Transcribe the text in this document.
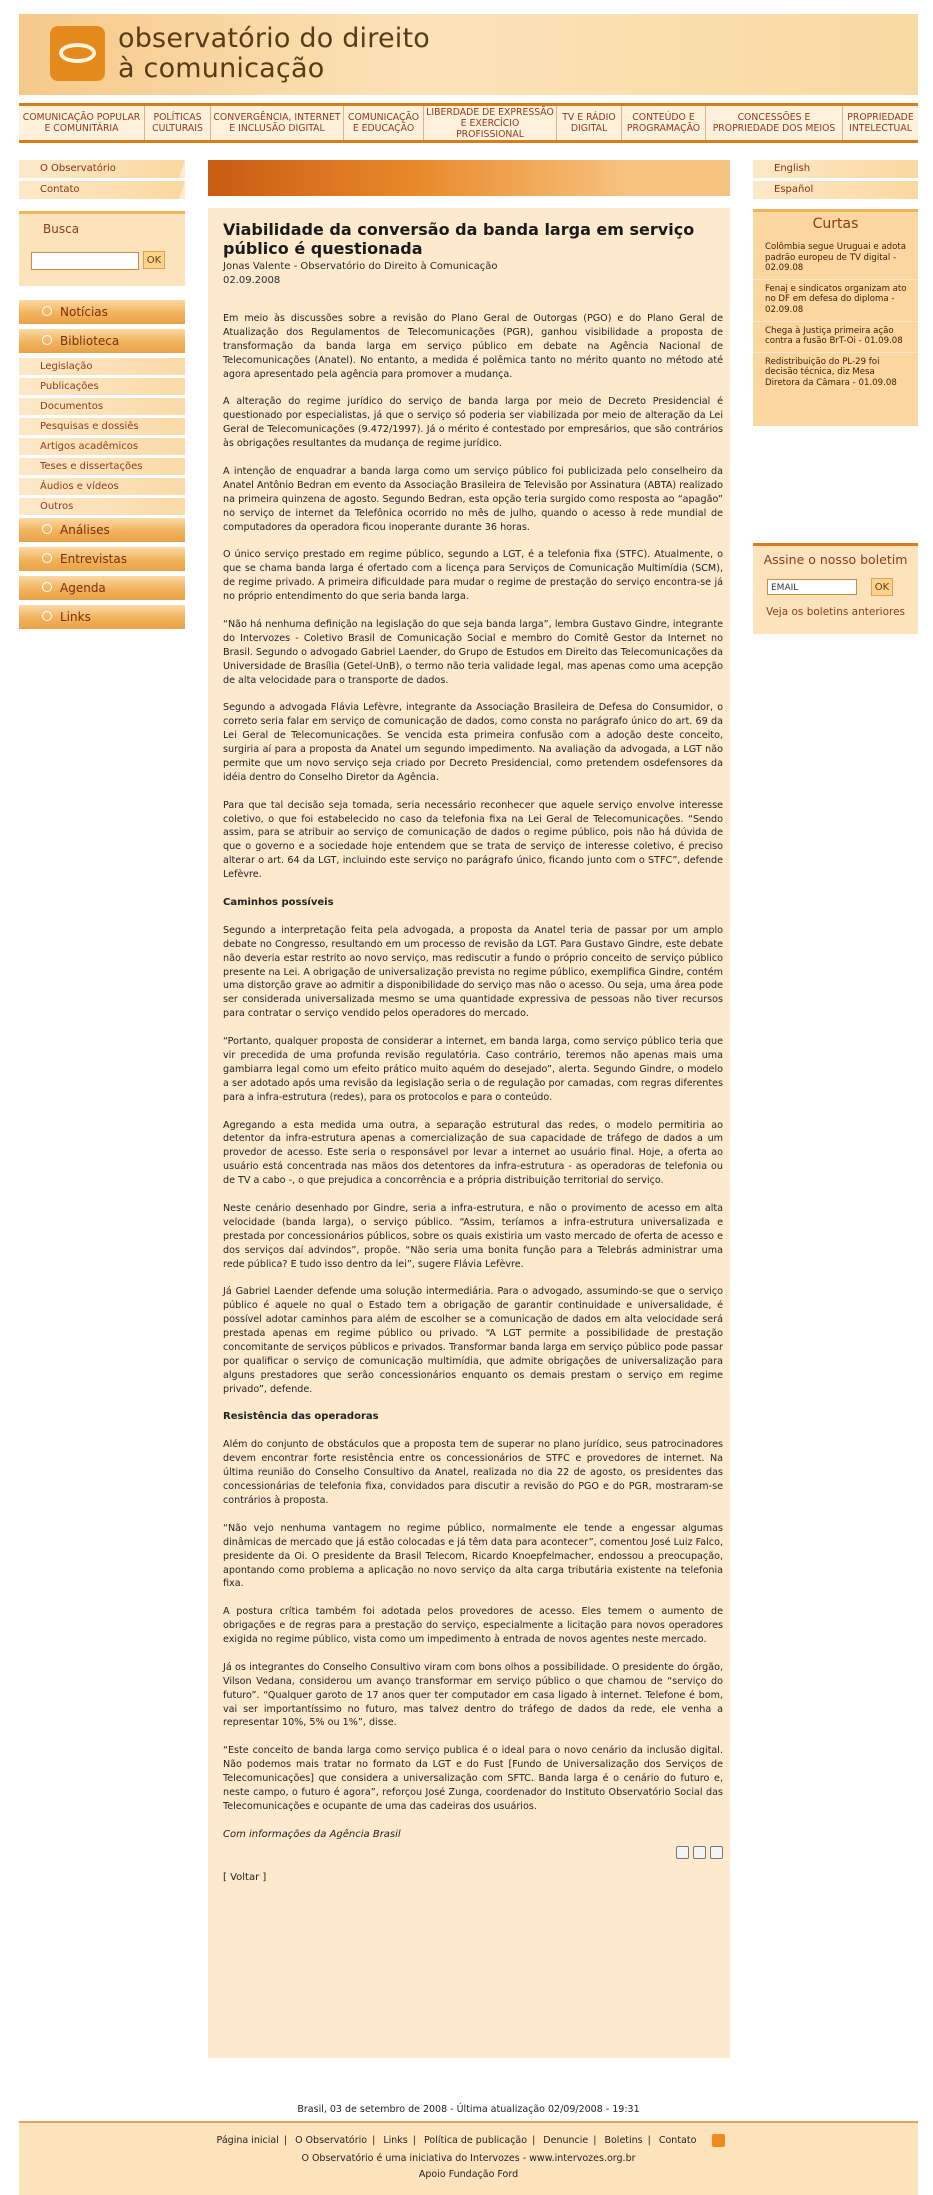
observatório do direito
à comunicação
COMUNICAÇÃO POPULAR
E COMUNITÁRIA
POLÍTICAS
CULTURAIS
CONVERGÊNCIA, INTERNET
E INCLUSÃO DIGITAL
COMUNICAÇÃO
E EDUCAÇÃO
LIBERDADE DE EXPRESSÃO
E EXERCÍCIO PROFISSIONAL
TV E RÁDIO
DIGITAL
CONTEÚDO E
PROGRAMAÇÃO
CONCESSÕES E
PROPRIEDADE DOS MEIOS
PROPRIEDADE
INTELECTUAL
O Observatório
Contato
Busca
OK
Notícias
Biblioteca
Legislação
Publicações
Documentos
Pesquisas e dossiês
Artigos acadêmicos
Teses e dissertações
Áudios e vídeos
Outros
Análises
Entrevistas
Agenda
Links
Viabilidade da conversão da banda larga em serviço público é questionada
Jonas Valente - Observatório do Direito à Comunicação
02.09.2008

Em meio às discussões sobre a revisão do Plano Geral de Outorgas (PGO) e do Plano Geral de Atualização dos Regulamentos de Telecomunicações (PGR), ganhou visibilidade a proposta de transformação da banda larga em serviço público em debate na Agência Nacional de Telecomunicações (Anatel). No entanto, a medida é polêmica tanto no mérito quanto no método até agora apresentado pela agência para promover a mudança.

A alteração do regime jurídico do serviço de banda larga por meio de Decreto Presidencial é questionado por especialistas, já que o serviço só poderia ser viabilizada por meio de alteração da Lei Geral de Telecomunicações (9.472/1997). Já o mérito é contestado por empresários, que são contrários às obrigações resultantes da mudança de regime jurídico.

A intenção de enquadrar a banda larga como um serviço público foi publicizada pelo conselheiro da Anatel Antônio Bedran em evento da Associação Brasileira de Televisão por Assinatura (ABTA) realizado na primeira quinzena de agosto. Segundo Bedran, esta opção teria surgido como resposta ao “apagão” no serviço de internet da Telefônica ocorrido no mês de julho, quando o acesso à rede mundial de computadores da operadora ficou inoperante durante 36 horas.

O único serviço prestado em regime público, segundo a LGT, é a telefonia fixa (STFC). Atualmente, o que se chama banda larga é ofertado com a licença para Serviços de Comunicação Multimídia (SCM), de regime privado. A primeira dificuldade para mudar o regime de prestação do serviço encontra-se já no próprio entendimento do que seria banda larga.

“Não há nenhuma definição na legislação do que seja banda larga”, lembra Gustavo Gindre, integrante do Intervozes - Coletivo Brasil de Comunicação Social e membro do Comitê Gestor da Internet no Brasil. Segundo o advogado Gabriel Laender, do Grupo de Estudos em Direito das Telecomunicações da Universidade de Brasília (Getel-UnB), o termo não teria validade legal, mas apenas como uma acepção de alta velocidade para o transporte de dados.

Segundo a advogada Flávia Lefèvre, integrante da Associação Brasileira de Defesa do Consumidor, o correto seria falar em serviço de comunicação de dados, como consta no parágrafo único do art. 69 da Lei Geral de Telecomunicações. Se vencida esta primeira confusão com a adoção deste conceito, surgiria aí para a proposta da Anatel um segundo impedimento. Na avaliação da advogada, a LGT não permite que um novo serviço seja criado por Decreto Presidencial, como pretendem osdefensores da idéia dentro do Conselho Diretor da Agência.

Para que tal decisão seja tomada, seria necessário reconhecer que aquele serviço envolve interesse coletivo, o que foi estabelecido no caso da telefonia fixa na Lei Geral de Telecomunicações. “Sendo assim, para se atribuir ao serviço de comunicação de dados o regime público, pois não há dúvida de que o governo e a sociedade hoje entendem que se trata de serviço de interesse coletivo, é preciso alterar o art. 64 da LGT, incluindo este serviço no parágrafo único, ficando junto com o STFC”, defende Lefèvre.

Caminhos possíveis

Segundo a interpretação feita pela advogada, a proposta da Anatel teria de passar por um amplo debate no Congresso, resultando em um processo de revisão da LGT. Para Gustavo Gindre, este debate não deveria estar restrito ao novo serviço, mas rediscutir a fundo o próprio conceito de serviço público presente na Lei. A obrigação de universalização prevista no regime público, exemplifica Gindre, contém uma distorção grave ao admitir a disponibilidade do serviço mas não o acesso. Ou seja, uma área pode ser considerada universalizada mesmo se uma quantidade expressiva de pessoas não tiver recursos para contratar o serviço vendido pelos operadores do mercado.

“Portanto, qualquer proposta de considerar a internet, em banda larga, como serviço público teria que vir precedida de uma profunda revisão regulatória. Caso contrário, teremos não apenas mais uma gambiarra legal como um efeito prático muito aquém do desejado”, alerta. Segundo Gindre, o modelo a ser adotado após uma revisão da legislação seria o de regulação por camadas, com regras diferentes para a infra-estrutura (redes), para os protocolos e para o conteúdo.

Agregando a esta medida uma outra, a separação estrutural das redes, o modelo permitiria ao detentor da infra-estrutura apenas a comercialização de sua capacidade de tráfego de dados a um provedor de acesso. Este seria o responsável por levar a internet ao usuário final. Hoje, a oferta ao usuário está concentrada nas mãos dos detentores da infra-estrutura - as operadoras de telefonia ou de TV a cabo -, o que prejudica a concorrência e a própria distribuição territorial do serviço.

Neste cenário desenhado por Gindre, seria a infra-estrutura, e não o provimento de acesso em alta velocidade (banda larga), o serviço público. “Assim, teríamos a infra-estrutura universalizada e prestada por concessionários públicos, sobre os quais existiria um vasto mercado de oferta de acesso e dos serviços daí advindos”, propõe. “Não seria uma bonita função para a Telebrás administrar uma rede pública? E tudo isso dentro da lei”, sugere Flávia Lefèvre.

Já Gabriel Laender defende uma solução intermediária. Para o advogado, assumindo-se que o serviço público é aquele no qual o Estado tem a obrigação de garantir continuidade e universalidade, é possível adotar caminhos para além de escolher se a comunicação de dados em alta velocidade será prestada apenas em regime público ou privado. “A LGT permite a possibilidade de prestação concomitante de serviços públicos e privados. Transformar banda larga em serviço público pode passar por qualificar o serviço de comunicação multimídia, que admite obrigações de universalização para alguns prestadores que serão concessionários enquanto os demais prestam o serviço em regime privado”, defende.

Resistência das operadoras

Além do conjunto de obstáculos que a proposta tem de superar no plano jurídico, seus patrocinadores devem encontrar forte resistência entre os concessionários de STFC e provedores de internet. Na última reunião do Conselho Consultivo da Anatel, realizada no dia 22 de agosto, os presidentes das concessionárias de telefonia fixa, convidados para discutir a revisão do PGO e do PGR, mostraram-se contrários à proposta.

“Não vejo nenhuma vantagem no regime público, normalmente ele tende a engessar algumas dinâmicas de mercado que já estão colocadas e já têm data para acontecer”, comentou José Luiz Falco, presidente da Oi. O presidente da Brasil Telecom, Ricardo Knoepfelmacher, endossou a preocupação, apontando como problema a aplicação no novo serviço da alta carga tributária existente na telefonia fixa.

A postura crítica também foi adotada pelos provedores de acesso. Eles temem o aumento de obrigações e de regras para a prestação do serviço, especialmente a licitação para novos operadores exigida no regime público, vista como um impedimento à entrada de novos agentes neste mercado.

Já os integrantes do Conselho Consultivo viram com bons olhos a possibilidade. O presidente do órgão, Vilson Vedana, considerou um avanço transformar em serviço público o que chamou de “serviço do futuro”. “Qualquer garoto de 17 anos quer ter computador em casa ligado à internet. Telefone é bom, vai ser importantíssimo no futuro, mas talvez dentro do tráfego de dados da rede, ele venha a representar 10%, 5% ou 1%”, disse.

“Este conceito de banda larga como serviço publica é o ideal para o novo cenário da inclusão digital. Não podemos mais tratar no formato da LGT e do Fust [Fundo de Universalização dos Serviços de Telecomunicações] que considera a universalização com SFTC. Banda larga é o cenário do futuro e, neste campo, o futuro é agora”, reforçou José Zunga, coordenador do Instituto Observatório Social das Telecomunicações e ocupante de uma das cadeiras dos usuários.

Com informações da Agência Brasil
[ Voltar ]
English
Español
Curtas
Colômbia segue Uruguai e adota padrão europeu de TV digital - 02.09.08
Fenaj e sindicatos organizam ato no DF em defesa do diploma - 02.09.08
Chega à Justiça primeira ação contra a fusão BrT-Oi - 01.09.08
Redistribuição do PL-29 foi decisão técnica, diz Mesa Diretora da Câmara - 01.09.08
Assine o nosso boletim
EMAIL	OK
Veja os boletins anteriores
Brasil, 03 de setembro de 2008 - Última atualização 02/09/2008 - 19:31
Página inicial | O Observatório | Links | Política de publicação | Denuncie | Boletins | Contato
O Observatório é uma iniciativa do Intervozes - www.intervozes.org.br
Apoio Fundação Ford
